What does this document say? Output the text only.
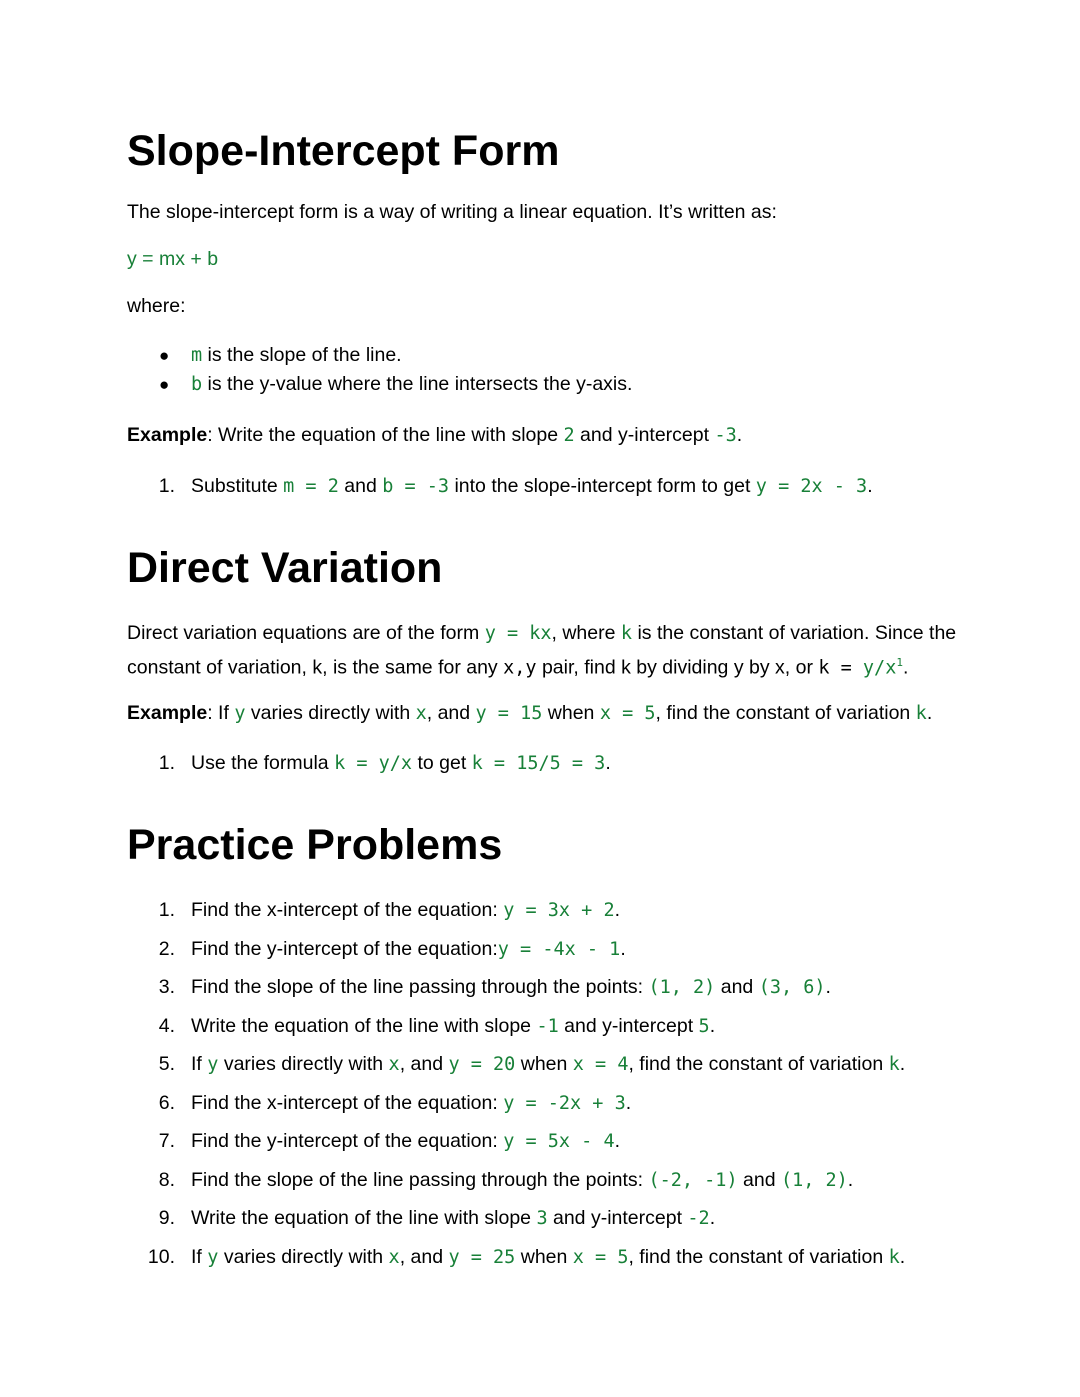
Slope-Intercept Form

The slope-intercept form is a way of writing a linear equation. It’s written as:

y = mx + b

where:

● m is the slope of the line.
● b is the y-value where the line intersects the y-axis.

Example: Write the equation of the line with slope 2 and y-intercept -3.

1. Substitute m = 2 and b = -3 into the slope-intercept form to get y = 2x - 3.
Direct Variation

Direct variation equations are of the form y = kx, where k is the constant of variation. Since the constant of variation, k, is the same for any x,y pair, find k by dividing y by x, or $k = y/x^1$.

Example: If y varies directly with x, and y = 15 when x = 5, find the constant of variation k.

1. Use the formula k = y/x to get k = 15/5 = 3.
Practice Problems
1. Find the x-intercept of the equation: y = 3x + 2.
2. Find the y-intercept of the equation:y = -4x - 1.
3. Find the slope of the line passing through the points: (1, 2) and (3, 6).
4. Write the equation of the line with slope -1 and y-intercept 5.
5. If y varies directly with x, and y = 20 when x = 4, find the constant of variation k.
6. Find the x-intercept of the equation: y = -2x + 3.
7. Find the y-intercept of the equation: y = 5x - 4.
8. Find the slope of the line passing through the points: (-2, -1) and (1, 2).
9. Write the equation of the line with slope 3 and y-intercept -2.
10. If y varies directly with x, and y = 25 when x = 5, find the constant of variation k.
